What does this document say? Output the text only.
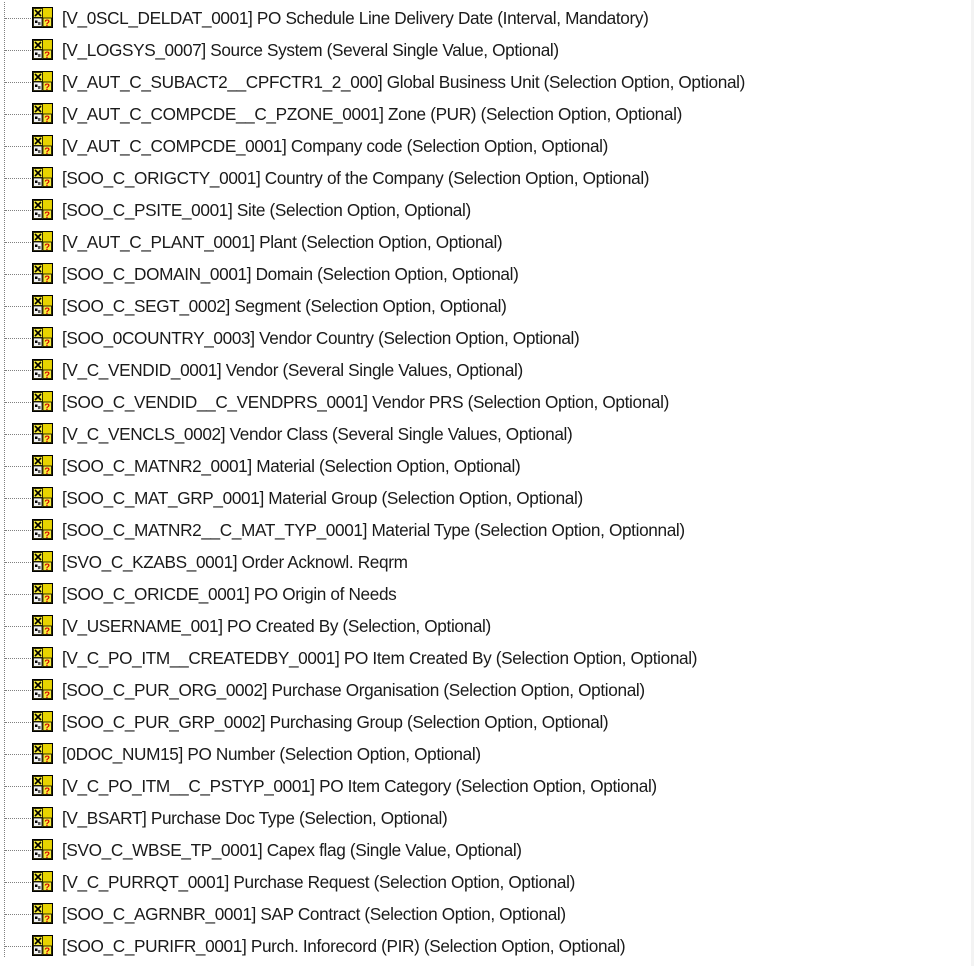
? [V_0SCL_DELDAT_0001] PO Schedule Line Delivery Date (Interval, Mandatory)
? [V_LOGSYS_0007] Source System (Several Single Value, Optional)
? [V_AUT_C_SUBACT2__CPFCTR1_2_000] Global Business Unit (Selection Option, Optional)
? [V_AUT_C_COMPCDE__C_PZONE_0001] Zone (PUR) (Selection Option, Optional)
? [V_AUT_C_COMPCDE_0001] Company code (Selection Option, Optional)
? [SOO_C_ORIGCTY_0001] Country of the Company (Selection Option, Optional)
? [SOO_C_PSITE_0001] Site (Selection Option, Optional)
? [V_AUT_C_PLANT_0001] Plant (Selection Option, Optional)
? [SOO_C_DOMAIN_0001] Domain (Selection Option, Optional)
? [SOO_C_SEGT_0002] Segment (Selection Option, Optional)
? [SOO_0COUNTRY_0003] Vendor Country (Selection Option, Optional)
? [V_C_VENDID_0001] Vendor (Several Single Values, Optional)
? [SOO_C_VENDID__C_VENDPRS_0001] Vendor PRS (Selection Option, Optional)
? [V_C_VENCLS_0002] Vendor Class (Several Single Values, Optional)
? [SOO_C_MATNR2_0001] Material (Selection Option, Optional)
? [SOO_C_MAT_GRP_0001] Material Group (Selection Option, Optional)
? [SOO_C_MATNR2__C_MAT_TYP_0001] Material Type (Selection Option, Optionnal)
? [SVO_C_KZABS_0001] Order Acknowl. Reqrm
? [SOO_C_ORICDE_0001] PO Origin of Needs
? [V_USERNAME_001] PO Created By (Selection, Optional)
? [V_C_PO_ITM__CREATEDBY_0001] PO Item Created By (Selection Option, Optional)
? [SOO_C_PUR_ORG_0002] Purchase Organisation (Selection Option, Optional)
? [SOO_C_PUR_GRP_0002] Purchasing Group (Selection Option, Optional)
? [0DOC_NUM15] PO Number (Selection Option, Optional)
? [V_C_PO_ITM__C_PSTYP_0001] PO Item Category (Selection Option, Optional)
? [V_BSART] Purchase Doc Type (Selection, Optional)
? [SVO_C_WBSE_TP_0001] Capex flag (Single Value, Optional)
? [V_C_PURRQT_0001] Purchase Request (Selection Option, Optional)
? [SOO_C_AGRNBR_0001] SAP Contract (Selection Option, Optional)
? [SOO_C_PURIFR_0001] Purch. Inforecord (PIR) (Selection Option, Optional)
